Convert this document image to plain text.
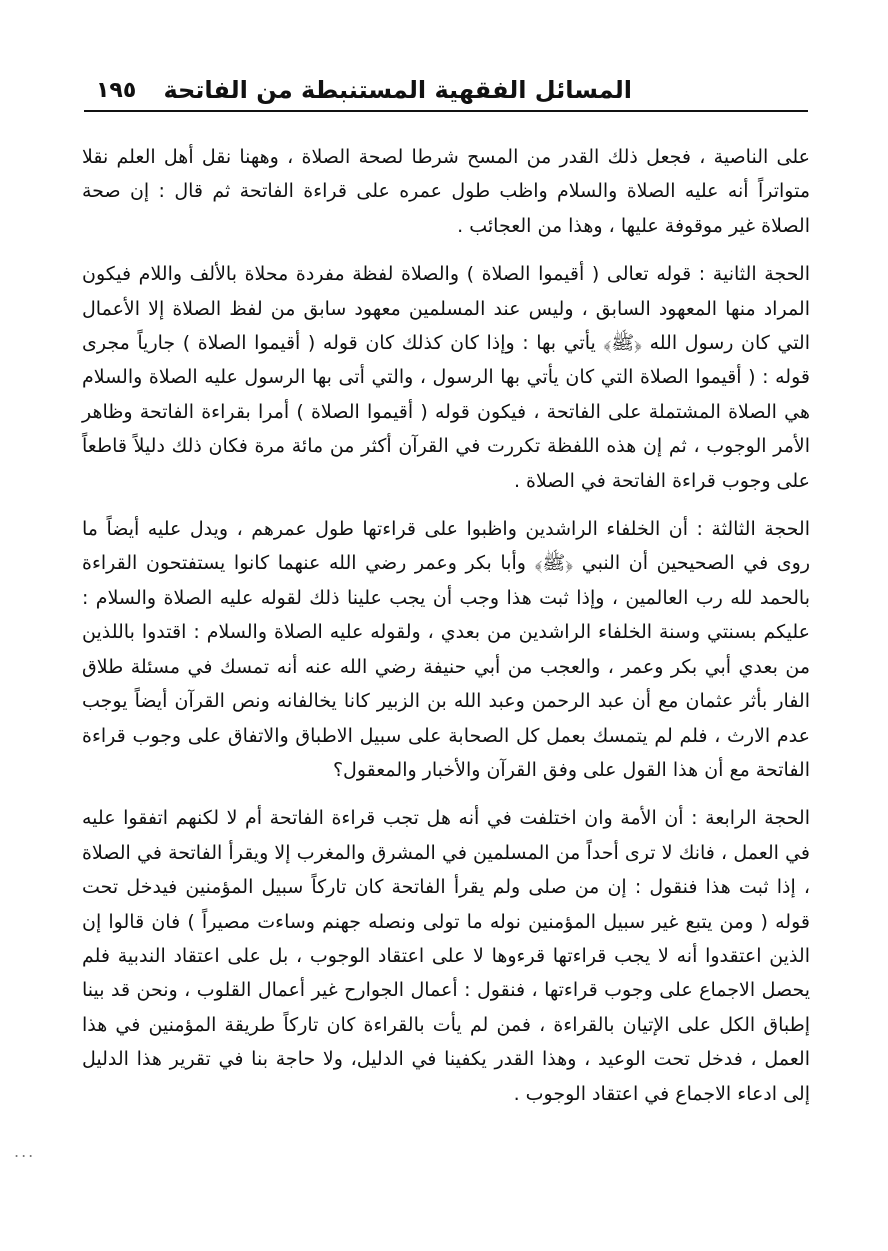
المسائل الفقهية المستنبطة من الفاتحة
١٩٥

على الناصية ، فجعل ذلك القدر من المسح شرطا لصحة الصلاة ، وههنا نقل أهل العلم نقلا متواتراً أنه عليه الصلاة والسلام واظب طول عمره على قراءة الفاتحة ثم قال : إن صحة الصلاة غير موقوفة عليها ، وهذا من العجائب .

الحجة الثانية : قوله تعالى ( أقيموا الصلاة ) والصلاة لفظة مفردة محلاة بالألف واللام فيكون المراد منها المعهود السابق ، وليس عند المسلمين معهود سابق من لفظ الصلاة إلا الأعمال التي كان رسول الله ﴿ﷺ﴾ يأتي بها : وإذا كان كذلك كان قوله ( أقيموا الصلاة ) جارياً مجرى قوله : ( أقيموا الصلاة التي كان يأتي بها الرسول ، والتي أتى بها الرسول عليه الصلاة والسلام هي الصلاة المشتملة على الفاتحة ، فيكون قوله ( أقيموا الصلاة ) أمرا بقراءة الفاتحة وظاهر الأمر الوجوب ، ثم إن هذه اللفظة تكررت في القرآن أكثر من مائة مرة فكان ذلك دليلاً قاطعاً على وجوب قراءة الفاتحة في الصلاة .

الحجة الثالثة : أن الخلفاء الراشدين واظبوا على قراءتها طول عمرهم ، ويدل عليه أيضاً ما روى في الصحيحين أن النبي ﴿ﷺ﴾ وأبا بكر وعمر رضي الله عنهما كانوا يستفتحون القراءة بالحمد لله رب العالمين ، وإذا ثبت هذا وجب أن يجب علينا ذلك لقوله عليه الصلاة والسلام : عليكم بسنتي وسنة الخلفاء الراشدين من بعدي ، ولقوله عليه الصلاة والسلام : اقتدوا باللذين من بعدي أبي بكر وعمر ، والعجب من أبي حنيفة رضي الله عنه أنه تمسك في مسئلة طلاق الفار بأثر عثمان مع أن عبد الرحمن وعبد الله بن الزبير كانا يخالفانه ونص القرآن أيضاً يوجب عدم الارث ، فلم لم يتمسك بعمل كل الصحابة على سبيل الاطباق والاتفاق على وجوب قراءة الفاتحة مع أن هذا القول على وفق القرآن والأخبار والمعقول؟

الحجة الرابعة : أن الأمة وان اختلفت في أنه هل تجب قراءة الفاتحة أم لا لكنهم اتفقوا عليه في العمل ، فانك لا ترى أحداً من المسلمين في المشرق والمغرب إلا ويقرأ الفاتحة في الصلاة ، إذا ثبت هذا فنقول : إن من صلى ولم يقرأ الفاتحة كان تاركاً سبيل المؤمنين فيدخل تحت قوله ( ومن يتبع غير سبيل المؤمنين نوله ما تولى ونصله جهنم وساءت مصيراً ) فان قالوا إن الذين اعتقدوا أنه لا يجب قراءتها قرءوها لا على اعتقاد الوجوب ، بل على اعتقاد الندبية فلم يحصل الاجماع على وجوب قراءتها ، فنقول : أعمال الجوارح غير أعمال القلوب ، ونحن قد بينا إطباق الكل على الإتيان بالقراءة ، فمن لم يأت بالقراءة كان تاركاً طريقة المؤمنين في هذا العمل ، فدخل تحت الوعيد ، وهذا القدر يكفينا في الدليل، ولا حاجة بنا في تقرير هذا الدليل إلى ادعاء الاجماع في اعتقاد الوجوب .

...
